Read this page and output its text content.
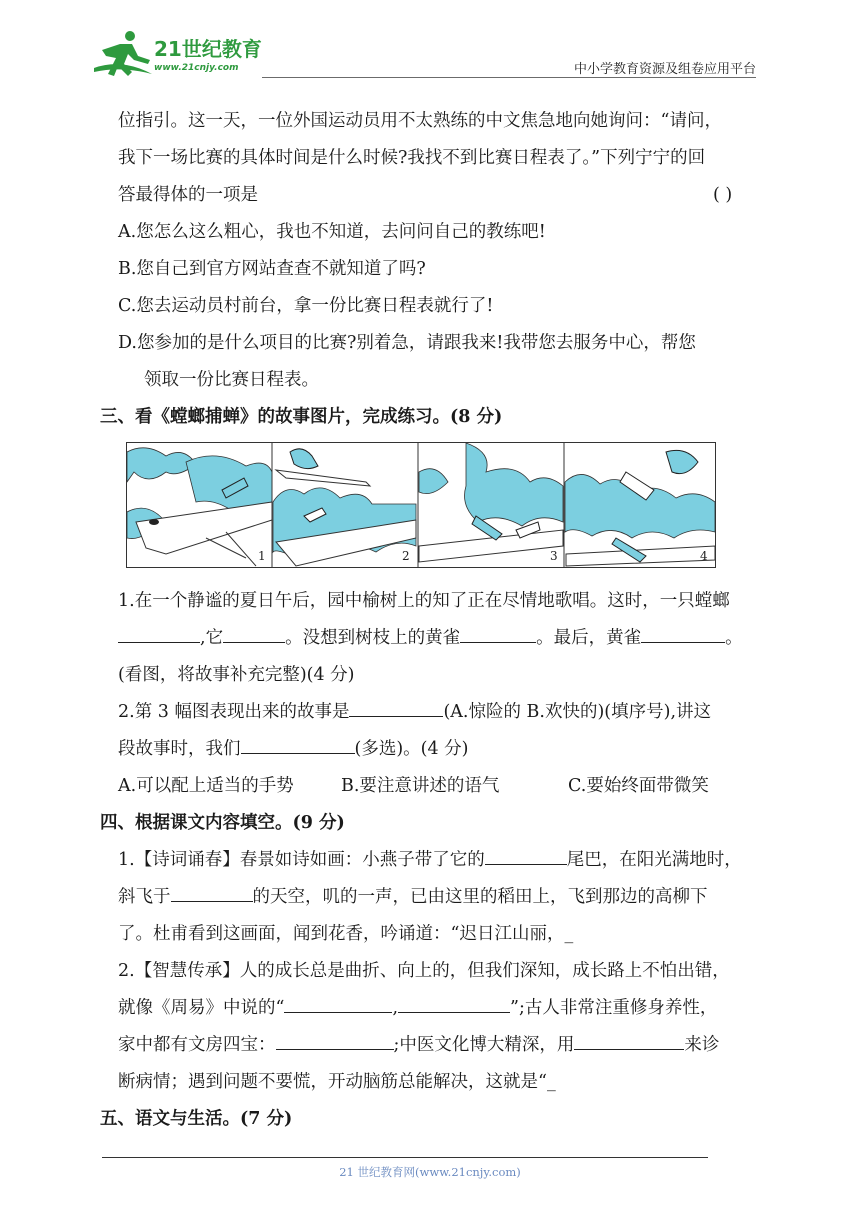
21世纪教育
www.21cnjy.com	中小学教育资源及组卷应用平台
位指引。这一天，一位外国运动员用不太熟练的中文焦急地向她询问：“请问，
我下一场比赛的具体时间是什么时候?我找不到比赛日程表了。”下列宁宁的回
答最得体的一项是	( )
A.您怎么这么粗心，我也不知道，去问问自己的教练吧!
B.您自己到官方网站查查不就知道了吗?
C.您去运动员村前台，拿一份比赛日程表就行了!
D.您参加的是什么项目的比赛?别着急，请跟我来!我带您去服务中心，帮您
领取一份比赛日程表。
三、看《螳螂捕蝉》的故事图片，完成练习。(8 分)
1	2	3	4
1.在一个静谧的夏日午后，园中榆树上的知了正在尽情地歌唱。这时，一只螳螂
,它	。没想到树枝上的黄雀	。最后，黄雀	。
(看图，将故事补充完整)(4 分)
2.第 3 幅图表现出来的故事是	(A.惊险的 B.欢快的)(填序号),讲这
段故事时，我们	(多选)。(4 分)
A.可以配上适当的手势	B.要注意讲述的语气	C.要始终面带微笑
四、根据课文内容填空。(9 分)
1.【诗词诵春】春景如诗如画：小燕子带了它的	尾巴，在阳光满地时，
斜飞于	的天空，叽的一声，已由这里的稻田上，飞到那边的高柳下
了。杜甫看到这画面，闻到花香，吟诵道：“迟日江山丽，_
2.【智慧传承】人的成长总是曲折、向上的，但我们深知，成长路上不怕出错，
就像《周易》中说的“	,	”;古人非常注重修身养性，
家中都有文房四宝：	;中医文化博大精深，用	来诊
断病情；遇到问题不要慌，开动脑筋总能解决，这就是“_
五、语文与生活。(7 分)
21 世纪教育网(www.21cnjy.com)
